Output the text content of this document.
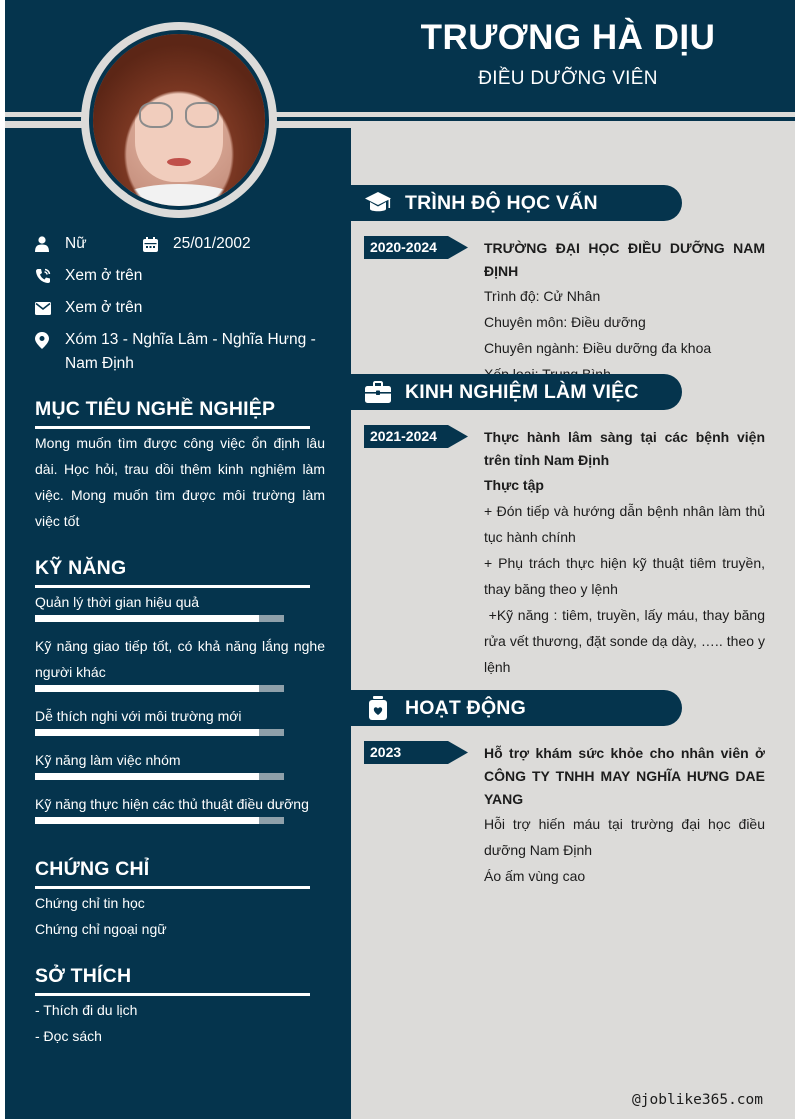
TRƯƠNG HÀ DỊU
ĐIỀU DƯỠNG VIÊN
Nữ	25/01/2002
Xem ở trên
Xem ở trên
Xóm 13 - Nghĩa Lâm - Nghĩa Hưng - Nam Định
MỤC TIÊU NGHỀ NGHIỆP
Mong muốn tìm được công việc ổn định lâu dài. Học hỏi, trau dồi thêm kinh nghiệm làm việc. Mong muốn tìm được môi trường làm việc tốt
KỸ NĂNG
Quản lý thời gian hiệu quả
Kỹ năng giao tiếp tốt, có khả năng lắng nghe người khác
Dễ thích nghi với môi trường mới
Kỹ năng làm việc nhóm
Kỹ năng thực hiện các thủ thuật điều dưỡng
CHỨNG CHỈ
Chứng chỉ tin học
Chứng chỉ ngoại ngữ
SỞ THÍCH
- Thích đi du lịch
- Đọc sách
TRÌNH ĐỘ HỌC VẤN
2020-2024	TRƯỜNG ĐẠI HỌC ĐIỀU DƯỠNG NAM ĐỊNH
Trình độ: Cử Nhân
Chuyên môn: Điều dưỡng
Chuyên ngành: Điều dưỡng đa khoa
KINH NGHIỆM LÀM VIỆC
2021-2024	Thực hành lâm sàng tại các bệnh viện trên tỉnh Nam Định
Thực tập
+ Đón tiếp và hướng dẫn bệnh nhân làm thủ tục hành chính
+ Phụ trách thực hiện kỹ thuật tiêm truyền, thay băng theo y lệnh
+Kỹ năng : tiêm, truyền, lấy máu, thay băng rửa vết thương, đặt sonde dạ dày, ….. theo y lệnh
HOẠT ĐỘNG
2023	Hỗ trợ khám sức khỏe cho nhân viên ở CÔNG TY TNHH MAY NGHĨA HƯNG DAE YANG
Hỗi trợ hiến máu tại trường đại học điều dưỡng Nam Định
Áo ấm vùng cao
@joblike365.com
